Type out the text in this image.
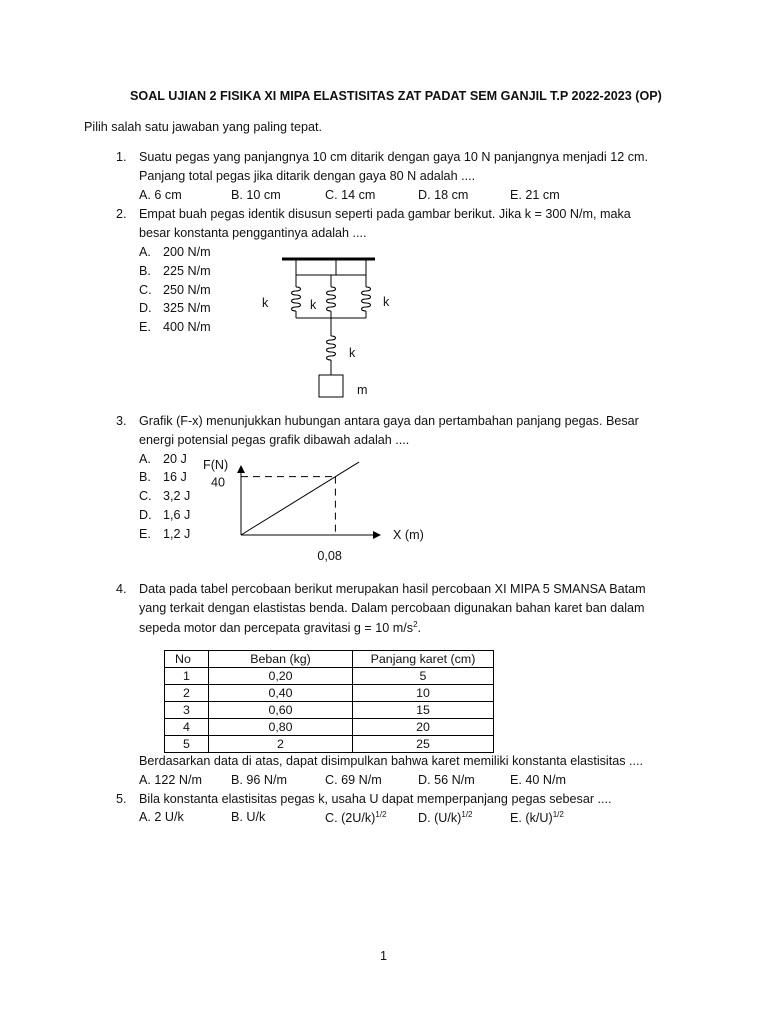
SOAL UJIAN 2 FISIKA XI MIPA ELASTISITAS ZAT PADAT SEM GANJIL T.P 2022-2023 (OP)
Pilih salah satu jawaban yang paling tepat.
1. Suatu pegas yang panjangnya 10 cm ditarik dengan gaya 10 N panjangnya menjadi 12 cm.
Panjang total pegas jika ditarik dengan gaya 80 N adalah ....
A. 6 cm	B. 10 cm	C. 14 cm	D. 18 cm	E. 21 cm
2. Empat buah pegas identik disusun seperti pada gambar berikut. Jika k = 300 N/m, maka
besar konstanta penggantinya adalah ....
A. 200 N/m
B. 225 N/m
C. 250 N/m
D. 325 N/m
E. 400 N/m
k	k	k
k
m
3. Grafik (F-x) menunjukkan hubungan antara gaya dan pertambahan panjang pegas. Besar
energi potensial pegas grafik dibawah adalah ....
A. 20 J
B. 16 J
C. 3,2 J
D. 1,6 J
E. 1,2 J
F(N)
X (m)
40
0,08
4. Data pada tabel percobaan berikut merupakan hasil percobaan XI MIPA 5 SMANSA Batam
yang terkait dengan elastistas benda. Dalam percobaan digunakan bahan karet ban dalam
sepeda motor dan percepata gravitasi g = 10 $m/s^2$.
No	Beban (kg)	Panjang karet (cm)
1	0,20	5
2	0,40	10
3	0,60	15
4	0,80	20
5	2	25
Berdasarkan data di atas, dapat disimpulkan bahwa karet memiliki konstanta elastisitas ....
A. 122 N/m B. 96 N/m	C. 69 N/m	D. 56 N/m	E. 40 N/m
5. Bila konstanta elastisitas pegas k, usaha U dapat memperpanjang pegas sebesar ....
A. 2 U/k	B. U/k	C. $(2U/k)^{1/2}$	D. $(U/k)^{1/2}$	E. $(k/U)^{1/2}$
1
